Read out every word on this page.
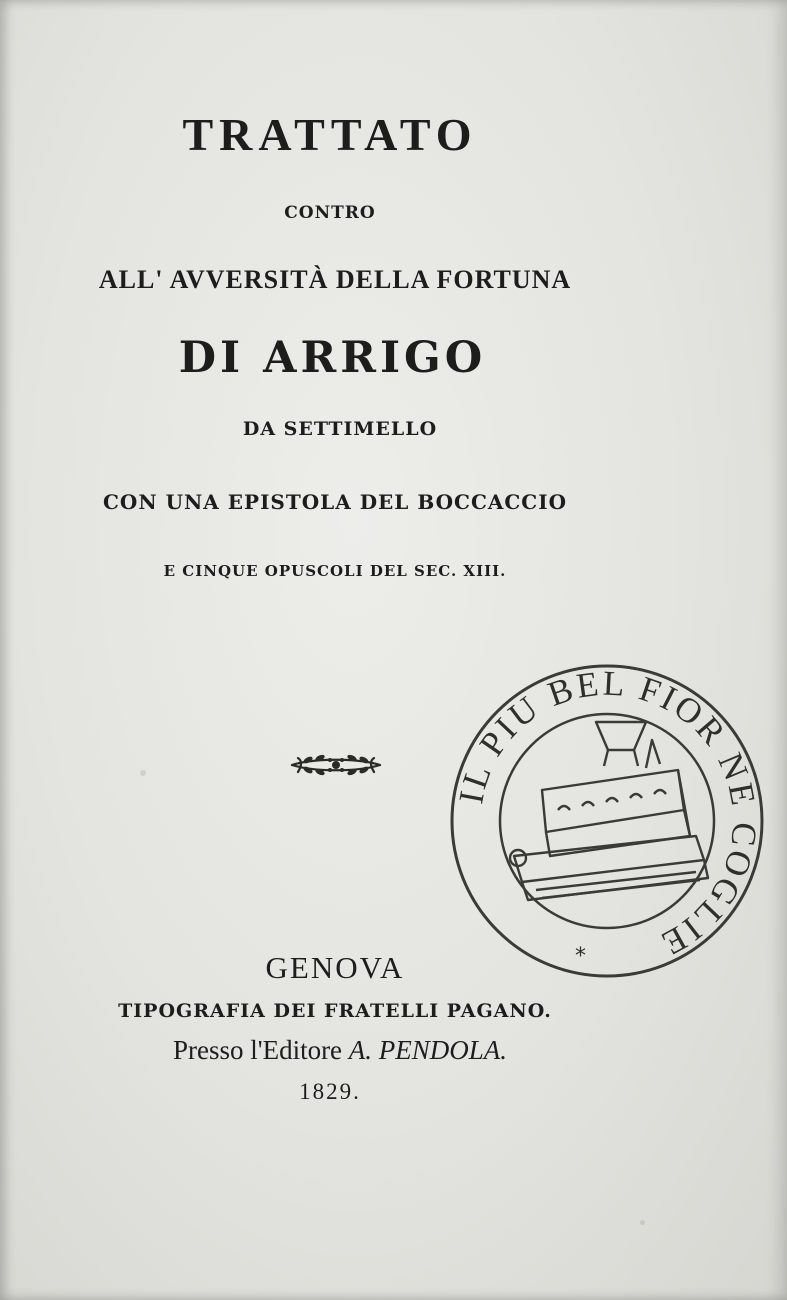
TRATTATO
CONTRO
ALL' AVVERSITÀ DELLA FORTUNA
DI ARRIGO
DA SETTIMELLO
CON UNA EPISTOLA DEL BOCCACCIO
E CINQUE OPUSCOLI DEL SEC. XIII.
GENOVA
TIPOGRAFIA DEI FRATELLI PAGANO.
Presso l'Editore A. PENDOLA.
1829.
IL PIU BEL FIOR NE COGLIE
*
